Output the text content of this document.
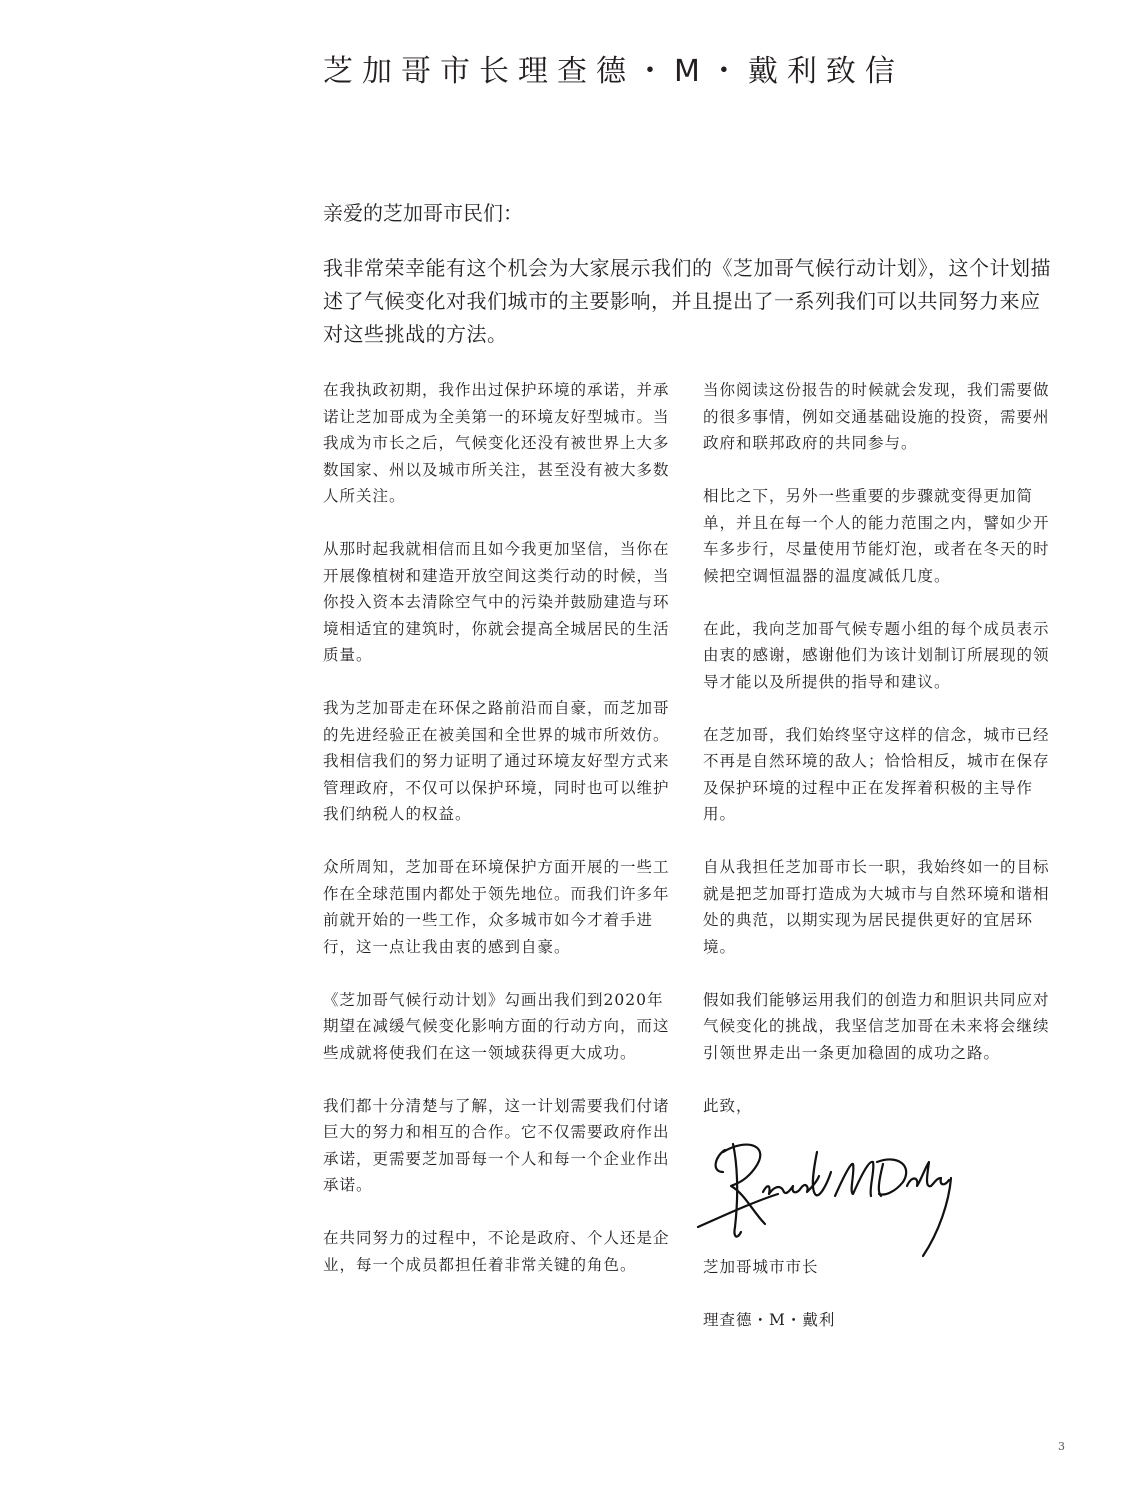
芝加哥市长理查德・M・戴利致信

亲爱的芝加哥市民们：

我非常荣幸能有这个机会为大家展示我们的《芝加哥气候行动计划》，这个计划描述了气候变化对我们城市的主要影响，并且提出了一系列我们可以共同努力来应对这些挑战的方法。

在我执政初期，我作出过保护环境的承诺，并承诺让芝加哥成为全美第一的环境友好型城市。当我成为市长之后，气候变化还没有被世界上大多数国家、州以及城市所关注，甚至没有被大多数人所关注。

从那时起我就相信而且如今我更加坚信，当你在开展像植树和建造开放空间这类行动的时候，当你投入资本去清除空气中的污染并鼓励建造与环境相适宜的建筑时，你就会提高全城居民的生活质量。

我为芝加哥走在环保之路前沿而自豪，而芝加哥的先进经验正在被美国和全世界的城市所效仿。我相信我们的努力证明了通过环境友好型方式来管理政府，不仅可以保护环境，同时也可以维护我们纳税人的权益。

众所周知，芝加哥在环境保护方面开展的一些工作在全球范围内都处于领先地位。而我们许多年前就开始的一些工作，众多城市如今才着手进行，这一点让我由衷的感到自豪。

《芝加哥气候行动计划》勾画出我们到2020年期望在减缓气候变化影响方面的行动方向，而这些成就将使我们在这一领域获得更大成功。

我们都十分清楚与了解，这一计划需要我们付诸巨大的努力和相互的合作。它不仅需要政府作出承诺，更需要芝加哥每一个人和每一个企业作出承诺。

在共同努力的过程中，不论是政府、个人还是企业，每一个成员都担任着非常关键的角色。

当你阅读这份报告的时候就会发现，我们需要做的很多事情，例如交通基础设施的投资，需要州政府和联邦政府的共同参与。

相比之下，另外一些重要的步骤就变得更加简单，并且在每一个人的能力范围之内，譬如少开车多步行，尽量使用节能灯泡，或者在冬天的时候把空调恒温器的温度减低几度。

在此，我向芝加哥气候专题小组的每个成员表示由衷的感谢，感谢他们为该计划制订所展现的领导才能以及所提供的指导和建议。

在芝加哥，我们始终坚守这样的信念，城市已经不再是自然环境的敌人；恰恰相反，城市在保存及保护环境的过程中正在发挥着积极的主导作用。

自从我担任芝加哥市长一职，我始终如一的目标就是把芝加哥打造成为大城市与自然环境和谐相处的典范，以期实现为居民提供更好的宜居环境。

假如我们能够运用我们的创造力和胆识共同应对气候变化的挑战，我坚信芝加哥在未来将会继续引领世界走出一条更加稳固的成功之路。

此致，

芝加哥城市市长

理查德・M・戴利

3
